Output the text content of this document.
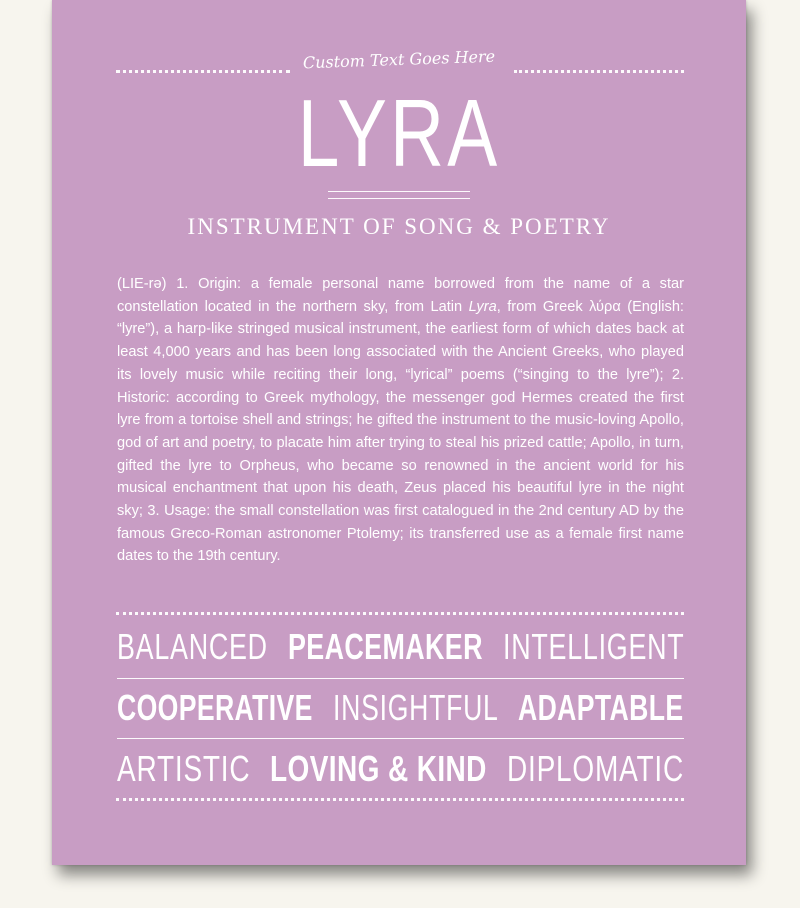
Custom Text Goes Here
LYRA
INSTRUMENT OF SONG & POETRY
(LIE-rə) 1. Origin: a female personal name borrowed from the name of a star constellation located in the northern sky, from Latin Lyra, from Greek λύρα (English: “lyre”), a harp-like stringed musical instrument, the earliest form of which dates back at least 4,000 years and has been long associated with the Ancient Greeks, who played its lovely music while reciting their long, “lyrical” poems (“singing to the lyre”); 2. Historic: according to Greek mythology, the messenger god Hermes created the first lyre from a tortoise shell and strings; he gifted the instrument to the music-loving Apollo, god of art and poetry, to placate him after trying to steal his prized cattle; Apollo, in turn, gifted the lyre to Orpheus, who became so renowned in the ancient world for his musical enchantment that upon his death, Zeus placed his beautiful lyre in the night sky; 3. Usage: the small constellation was first catalogued in the 2nd century AD by the famous Greco-Roman astronomer Ptolemy; its transferred use as a female first name dates to the 19th century.
BALANCED PEACEMAKER INTELLIGENT
COOPERATIVE INSIGHTFUL ADAPTABLE
ARTISTIC LOVING & KIND DIPLOMATIC
